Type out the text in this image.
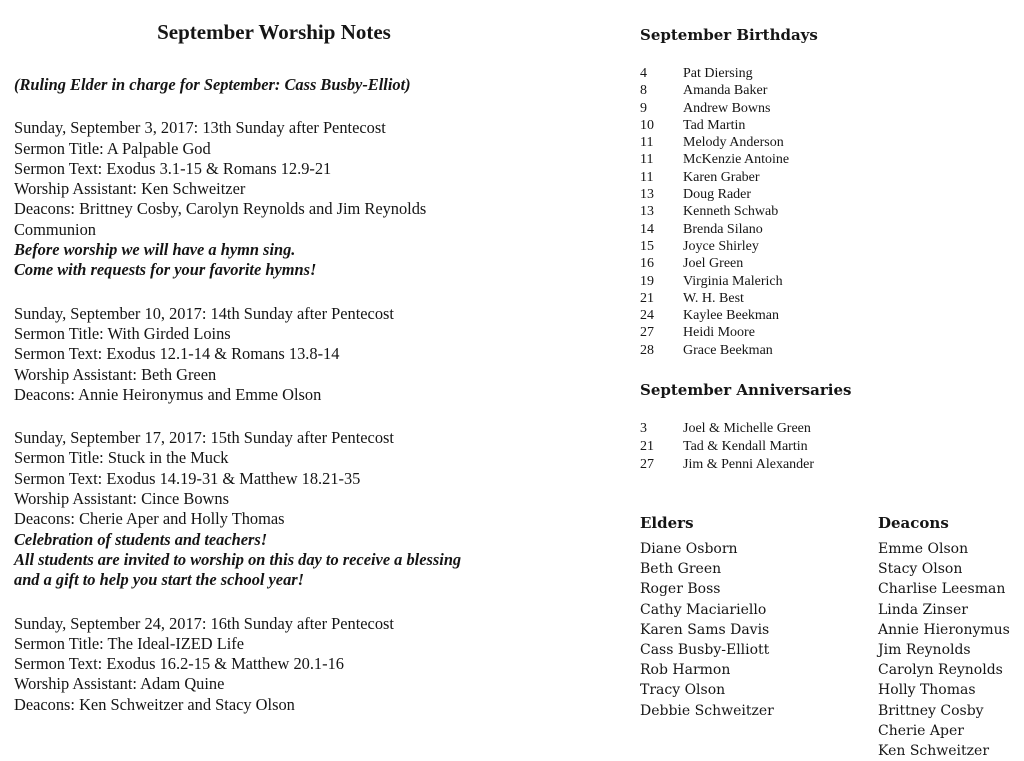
September Worship Notes
(Ruling Elder in charge for September: Cass Busby-Elliot)
Sunday, September 3, 2017: 13th Sunday after Pentecost
Sermon Title: A Palpable God
Sermon Text: Exodus 3.1-15 & Romans 12.9-21
Worship Assistant: Ken Schweitzer
Deacons: Brittney Cosby, Carolyn Reynolds and Jim Reynolds
Communion
Before worship we will have a hymn sing.
Come with requests for your favorite hymns!
Sunday, September 10, 2017: 14th Sunday after Pentecost
Sermon Title: With Girded Loins
Sermon Text: Exodus 12.1-14 & Romans 13.8-14
Worship Assistant: Beth Green
Deacons: Annie Heironymus and Emme Olson
Sunday, September 17, 2017: 15th Sunday after Pentecost
Sermon Title: Stuck in the Muck
Sermon Text: Exodus 14.19-31 & Matthew 18.21-35
Worship Assistant: Cince Bowns
Deacons: Cherie Aper and Holly Thomas
Celebration of students and teachers!
All students are invited to worship on this day to receive a blessing
and a gift to help you start the school year!
Sunday, September 24, 2017: 16th Sunday after Pentecost
Sermon Title: The Ideal-IZED Life
Sermon Text: Exodus 16.2-15 & Matthew 20.1-16
Worship Assistant: Adam Quine
Deacons: Ken Schweitzer and Stacy Olson
September Birthdays
4	Pat Diersing
8	Amanda Baker
9	Andrew Bowns
10	Tad Martin
11	Melody Anderson
11	McKenzie Antoine
11	Karen Graber
13	Doug Rader
13	Kenneth Schwab
14	Brenda Silano
15	Joyce Shirley
16	Joel Green
19	Virginia Malerich
21	W. H. Best
24	Kaylee Beekman
27	Heidi Moore
28	Grace Beekman
September Anniversaries
3	Joel & Michelle Green
21	Tad & Kendall Martin
27	Jim & Penni Alexander
Elders
Diane Osborn
Beth Green
Roger Boss
Cathy Maciariello
Karen Sams Davis
Cass Busby-Elliott
Rob Harmon
Tracy Olson
Debbie Schweitzer
Deacons
Emme Olson
Stacy Olson
Charlise Leesman
Linda Zinser
Annie Hieronymus
Jim Reynolds
Carolyn Reynolds
Holly Thomas
Brittney Cosby
Cherie Aper
Ken Schweitzer
